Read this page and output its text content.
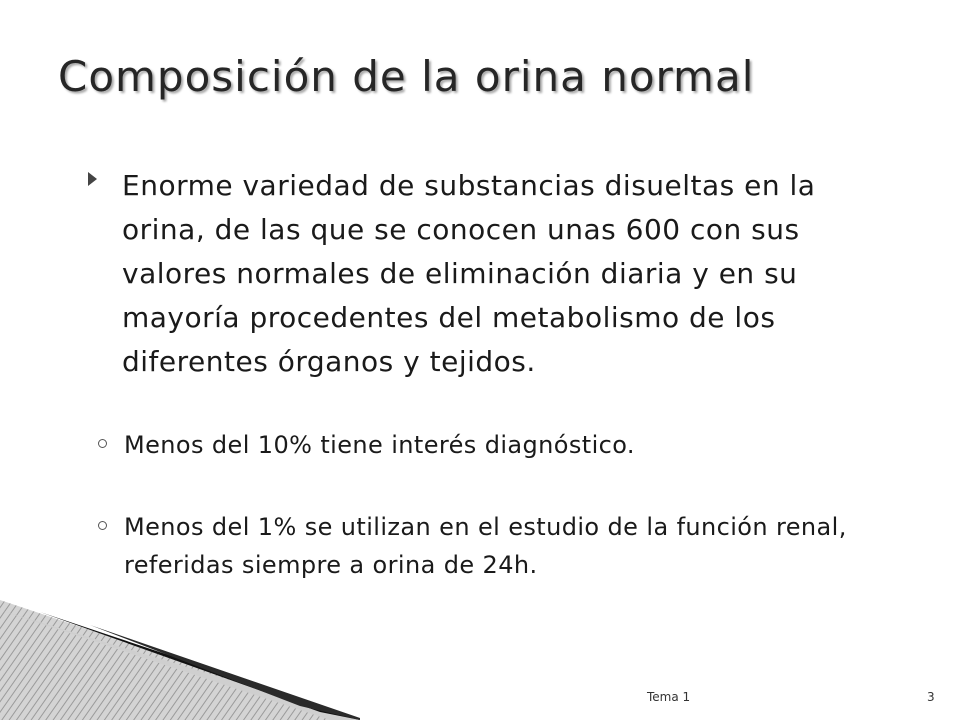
Composición de la orina normal
Enorme variedad de substancias disueltas en la orina, de las que se conocen unas 600 con sus valores normales de eliminación diaria y en su mayoría procedentes del metabolismo de los diferentes órganos y tejidos.
Menos del 10% tiene interés diagnóstico.
Menos del 1% se utilizan en el estudio de la función renal, referidas siempre a orina de 24h.
Tema 1	3
